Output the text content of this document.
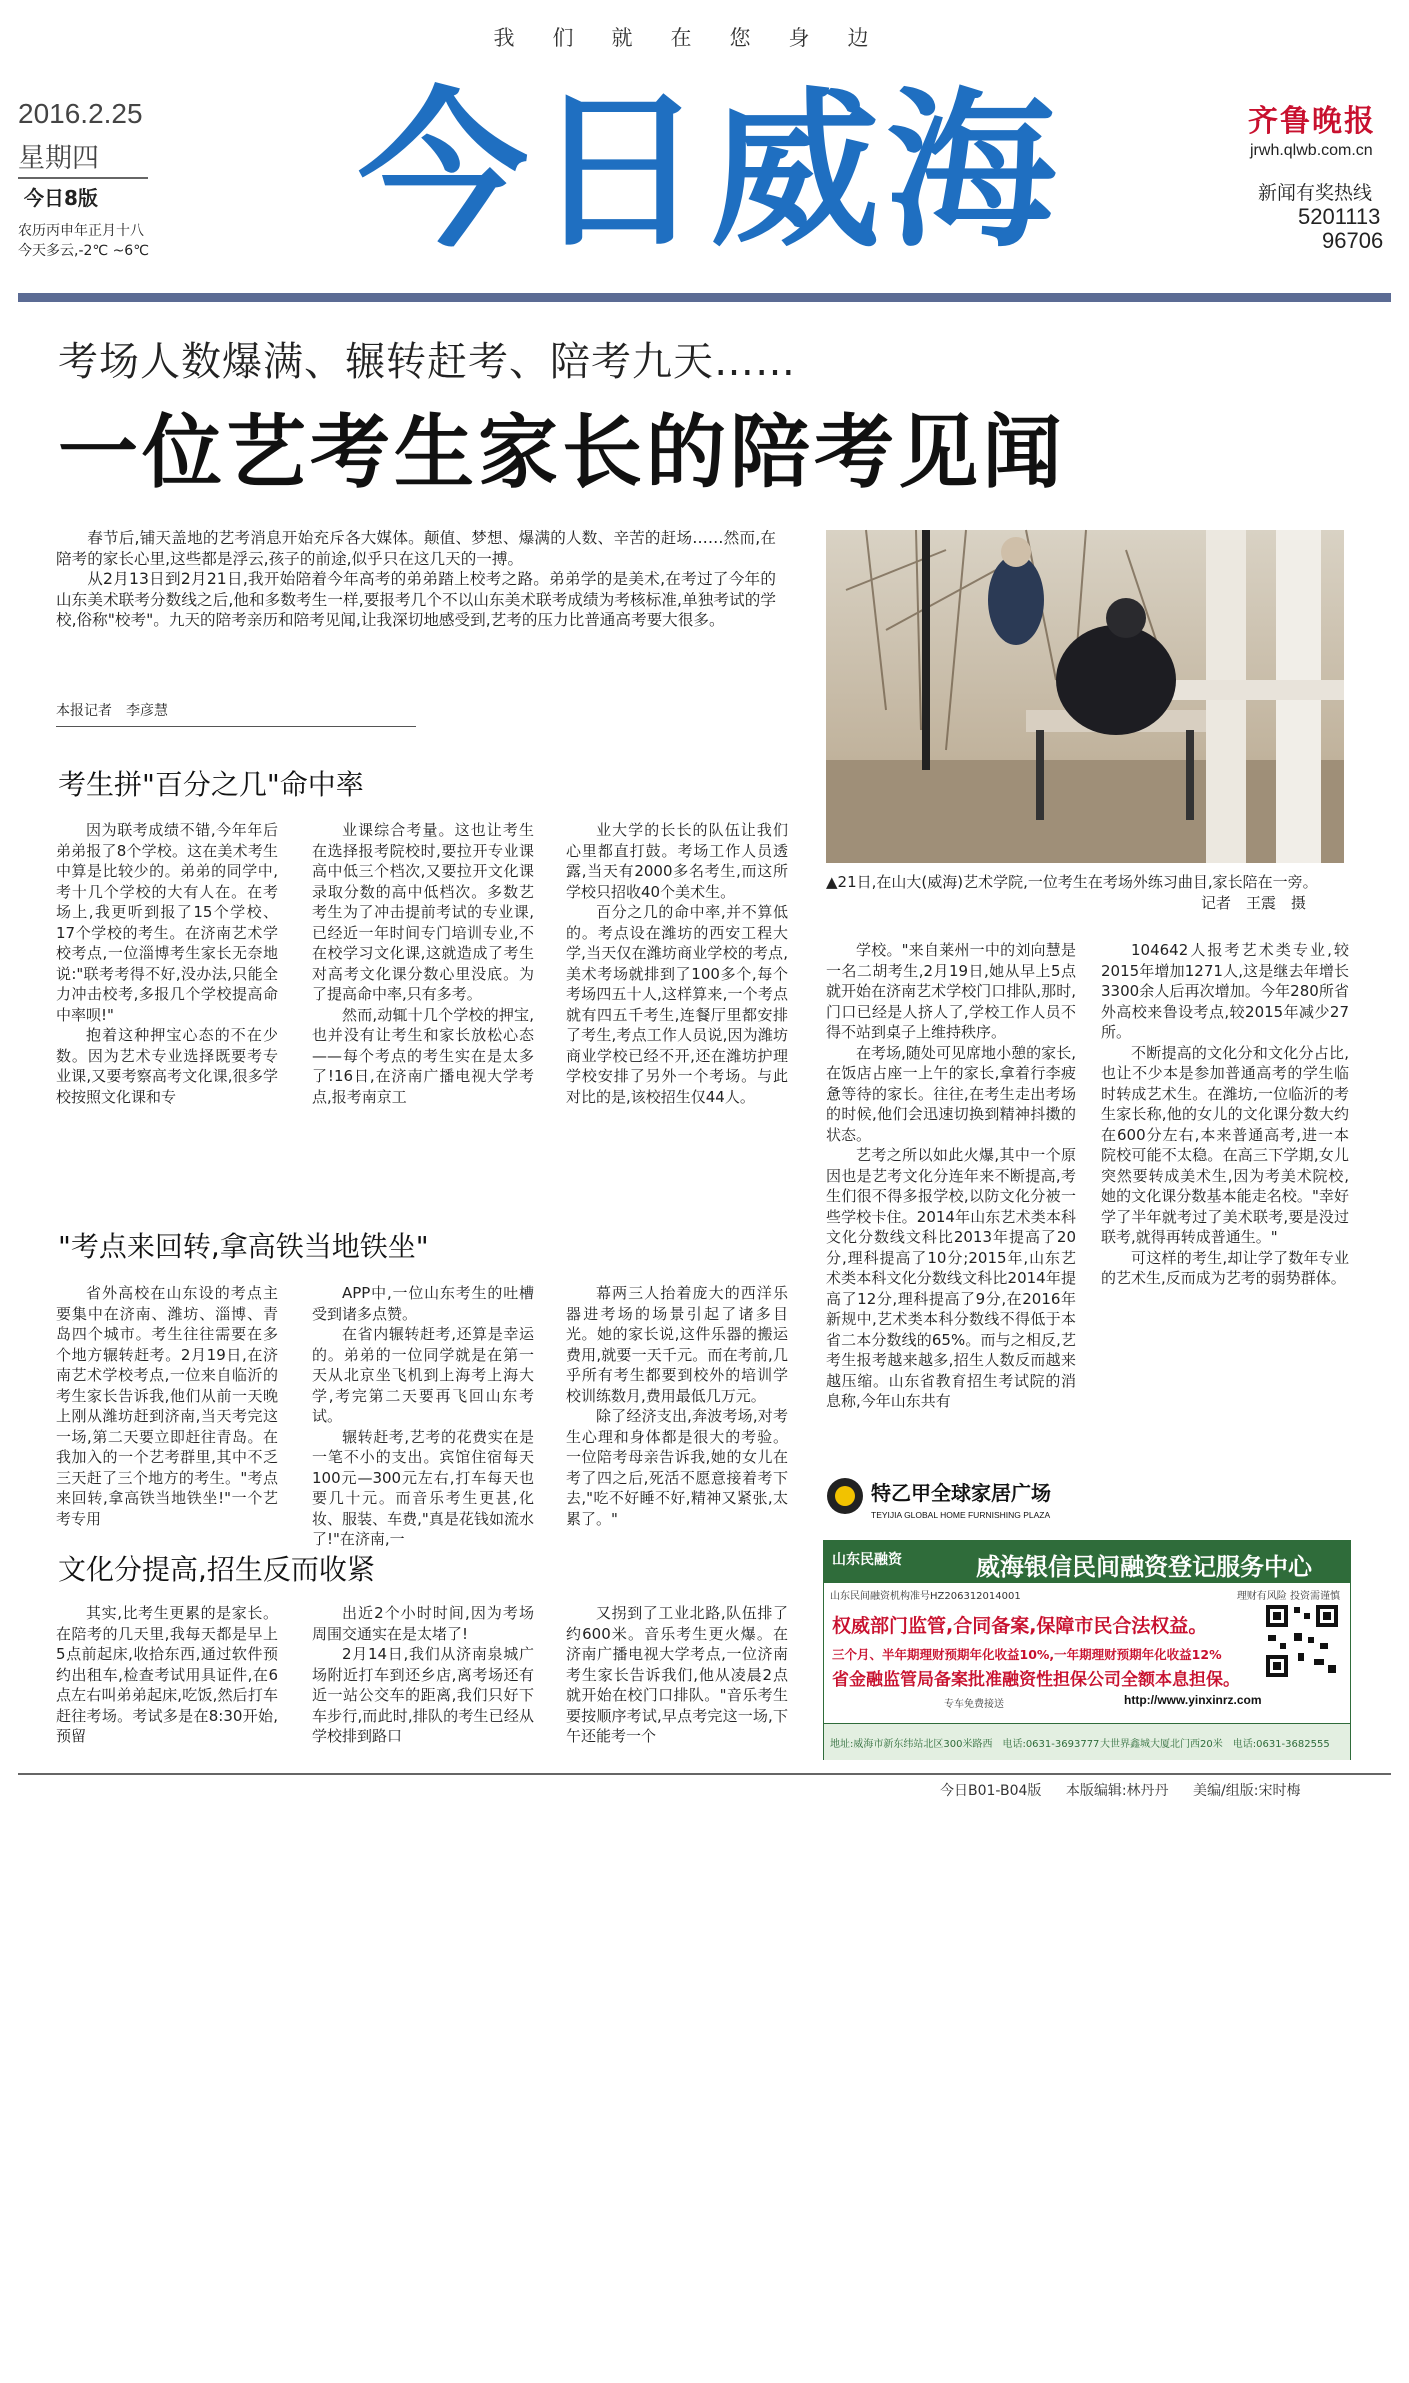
我们就在您身边
今日威海
2016.2.25
星期四
今日8版
农历丙申年正月十八
今天多云,-2℃ ~6℃
齐鲁晚报
jrwh.qlwb.com.cn
新闻有奖热线
5201113
96706
考场人数爆满、辗转赶考、陪考九天……
一位艺考生家长的陪考见闻

春节后,铺天盖地的艺考消息开始充斥各大媒体。颠值、梦想、爆满的人数、辛苦的赶场……然而,在陪考的家长心里,这些都是浮云,孩子的前途,似乎只在这几天的一搏。

从2月13日到2月21日,我开始陪着今年高考的弟弟踏上校考之路。弟弟学的是美术,在考过了今年的山东美术联考分数线之后,他和多数考生一样,要报考几个不以山东美术联考成绩为考核标准,单独考试的学校,俗称"校考"。九天的陪考亲历和陪考见闻,让我深切地感受到,艺考的压力比普通高考要大很多。

本报记者　李彦慧
▲21日,在山大(威海)艺术学院,一位考生在考场外练习曲目,家长陪在一旁。
记者　王震　摄
考生拼"百分之几"命中率

因为联考成绩不错,今年年后弟弟报了8个学校。这在美术考生中算是比较少的。弟弟的同学中,考十几个学校的大有人在。在考场上,我更听到报了15个学校、17个学校的考生。在济南艺术学校考点,一位淄博考生家长无奈地说:"联考考得不好,没办法,只能全力冲击校考,多报几个学校提高命中率呗!"

抱着这种押宝心态的不在少数。因为艺术专业选择既要考专业课,又要考察高考文化课,很多学校按照文化课和专

业课综合考量。这也让考生在选择报考院校时,要拉开专业课高中低三个档次,又要拉开文化课录取分数的高中低档次。多数艺考生为了冲击提前考试的专业课,已经近一年时间专门培训专业,不在校学习文化课,这就造成了考生对高考文化课分数心里没底。为了提高命中率,只有多考。

然而,动辄十几个学校的押宝,也并没有让考生和家长放松心态——每个考点的考生实在是太多了!16日,在济南广播电视大学考点,报考南京工

业大学的长长的队伍让我们心里都直打鼓。考场工作人员透露,当天有2000多名考生,而这所学校只招收40个美术生。

百分之几的命中率,并不算低的。考点设在潍坊的西安工程大学,当天仅在潍坊商业学校的考点,美术考场就排到了100多个,每个考场四五十人,这样算来,一个考点就有四五千考生,连餐厅里都安排了考生,考点工作人员说,因为潍坊商业学校已经不开,还在潍坊护理学校安排了另外一个考场。与此对比的是,该校招生仅44人。

"考点来回转,拿高铁当地铁坐"

省外高校在山东设的考点主要集中在济南、潍坊、淄博、青岛四个城市。考生往往需要在多个地方辗转赶考。2月19日,在济南艺术学校考点,一位来自临沂的考生家长告诉我,他们从前一天晚上刚从潍坊赶到济南,当天考完这一场,第二天要立即赶往青岛。在我加入的一个艺考群里,其中不乏三天赶了三个地方的考生。"考点来回转,拿高铁当地铁坐!"一个艺考专用

APP中,一位山东考生的吐槽受到诸多点赞。

在省内辗转赶考,还算是幸运的。弟弟的一位同学就是在第一天从北京坐飞机到上海考上海大学,考完第二天要再飞回山东考试。

辗转赶考,艺考的花费实在是一笔不小的支出。宾馆住宿每天100元—300元左右,打车每天也要几十元。而音乐考生更甚,化妆、服装、车费,"真是花钱如流水了!"在济南,一

幕两三人抬着庞大的西洋乐器进考场的场景引起了诸多目光。她的家长说,这件乐器的搬运费用,就要一天千元。而在考前,几乎所有考生都要到校外的培训学校训练数月,费用最低几万元。

除了经济支出,奔波考场,对考生心理和身体都是很大的考验。一位陪考母亲告诉我,她的女儿在考了四之后,死活不愿意接着考下去,"吃不好睡不好,精神又紧张,太累了。"

文化分提高,招生反而收紧

其实,比考生更累的是家长。在陪考的几天里,我每天都是早上5点前起床,收拾东西,通过软件预约出租车,检查考试用具证件,在6点左右叫弟弟起床,吃饭,然后打车赶往考场。考试多是在8:30开始,预留

出近2个小时时间,因为考场周围交通实在是太堵了!

2月14日,我们从济南泉城广场附近打车到还乡店,离考场还有近一站公交车的距离,我们只好下车步行,而此时,排队的考生已经从学校排到路口

又拐到了工业北路,队伍排了约600米。音乐考生更火爆。在济南广播电视大学考点,一位济南考生家长告诉我们,他从凌晨2点就开始在校门口排队。"音乐考生要按顺序考试,早点考完这一场,下午还能考一个

学校。"来自莱州一中的刘向慧是一名二胡考生,2月19日,她从早上5点就开始在济南艺术学校门口排队,那时,门口已经是人挤人了,学校工作人员不得不站到桌子上维持秩序。

在考场,随处可见席地小憩的家长,在饭店占座一上午的家长,拿着行李疲惫等待的家长。往往,在考生走出考场的时候,他们会迅速切换到精神抖擞的状态。

艺考之所以如此火爆,其中一个原因也是艺考文化分连年来不断提高,考生们很不得多报学校,以防文化分被一些学校卡住。2014年山东艺术类本科文化分数线文科比2013年提高了20分,理科提高了10分;2015年,山东艺术类本科文化分数线文科比2014年提高了12分,理科提高了9分,在2016年新规中,艺术类本科分数线不得低于本省二本分数线的65%。而与之相反,艺考生报考越来越多,招生人数反而越来越压缩。山东省教育招生考试院的消息称,今年山东共有

104642人报考艺术类专业,较2015年增加1271人,这是继去年增长3300余人后再次增加。今年280所省外高校来鲁设考点,较2015年减少27所。

不断提高的文化分和文化分占比,也让不少本是参加普通高考的学生临时转成艺术生。在潍坊,一位临沂的考生家长称,他的女儿的文化课分数大约在600分左右,本来普通高考,进一本院校可能不太稳。在高三下学期,女儿突然要转成美术生,因为考美术院校,她的文化课分数基本能走名校。"幸好学了半年就考过了美术联考,要是没过联考,就得再转成普通生。"

可这样的考生,却让学了数年专业的艺术生,反而成为艺考的弱势群体。

特乙甲全球家居广场
TEYIJIA GLOBAL HOME FURNISHING PLAZA
山东民融资	威海银信民间融资登记服务中心
山东民间融资机构准号HZ206312014001	理财有风险 投资需谨慎
权威部门监管,合同备案,保障市民合法权益。
三个月、半年期理财预期年化收益10%,一年期理财预期年化收益12%
省金融监管局备案批准融资性担保公司全额本息担保。
专车免费接送	http://www.yinxinrz.com
地址:威海市新东纬站北区300米路西　电话:0631-3693777 大世界鑫城大厦北门西20米　电话:0631-3682555
今日B01-B04版 本版编辑:林丹丹 美编/组版:宋时梅
